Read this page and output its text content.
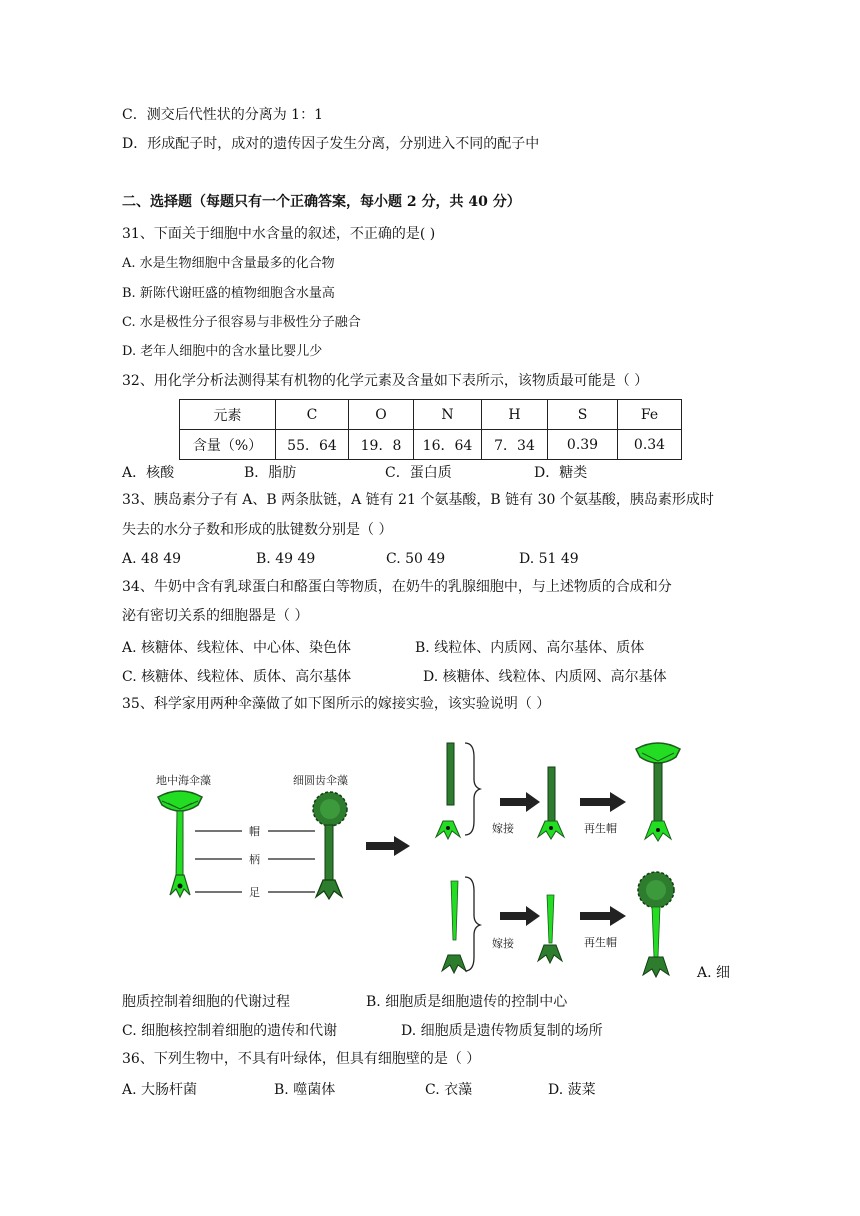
C．测交后代性状的分离为 1：1
D．形成配子时，成对的遗传因子发生分离，分别进入不同的配子中
二、选择题（每题只有一个正确答案，每小题 2 分，共 40 分）
31、下面关于细胞中水含量的叙述，不正确的是( )
A. 水是生物细胞中含量最多的化合物
B. 新陈代谢旺盛的植物细胞含水量高
C. 水是极性分子很容易与非极性分子融合
D. 老年人细胞中的含水量比婴儿少
32、用化学分析法测得某有机物的化学元素及含量如下表所示，该物质最可能是（ ）
元素	C	O	N	H	S	Fe
含量（%）	55．64	19．8	16．64	7．34	0.39	0.34
A．核酸	B．脂肪	C．蛋白质	D．糖类
33、胰岛素分子有 A、B 两条肽链，A 链有 21 个氨基酸，B 链有 30 个氨基酸，胰岛素形成时
失去的水分子数和形成的肽键数分别是（ ）
A. 48 49	B. 49 49	C. 50 49	D. 51 49
34、牛奶中含有乳球蛋白和酪蛋白等物质，在奶牛的乳腺细胞中，与上述物质的合成和分
泌有密切关系的细胞器是（ ）
A. 核糖体、线粒体、中心体、染色体	B. 线粒体、内质网、高尔基体、质体
C. 核糖体、线粒体、质体、高尔基体	D. 核糖体、线粒体、内质网、高尔基体
35、科学家用两种伞藻做了如下图所示的嫁接实验，该实验说明（ ）
地中海伞藻
帽
柄
足
细圆齿伞藻
嫁接	再生帽
嫁接	再生帽
A. 细
胞质控制着细胞的代谢过程	B. 细胞质是细胞遗传的控制中心
C. 细胞核控制着细胞的遗传和代谢	D. 细胞质是遗传物质复制的场所
36、下列生物中，不具有叶绿体，但具有细胞壁的是（ ）
A. 大肠杆菌	B. 噬菌体	C. 衣藻	D. 菠菜
